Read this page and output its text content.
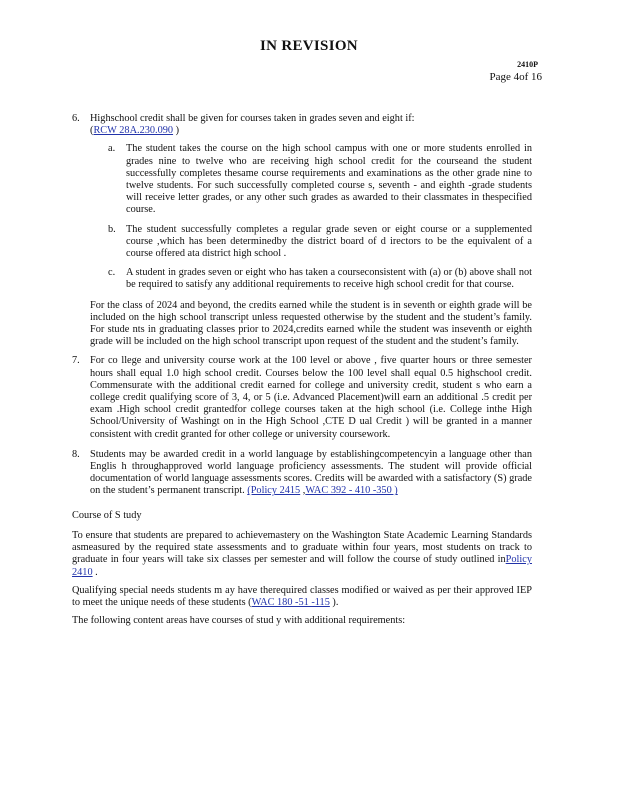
IN REVISION
2410P
Page 4of 16
6. Highschool credit shall be given for courses taken in grades seven and eight if:
(RCW 28A.230.090 )
a. The student takes the course on the high school campus with one or more students enrolled in grades nine to twelve who are receiving high school credit for the courseand the student successfully completes thesame course requirements and examinations as the other grade nine to twelve students. For such successfully completed course s, seventh - and eighth -grade students will receive letter grades, or any other such grades as awarded to their classmates in thespecified course.
b. The student successfully completes a regular grade seven or eight course or a supplemented course ,which has been determinedby the district board of d irectors to be the equivalent of a course offered ata district high school .
c. A student in grades seven or eight who has taken a courseconsistent with (a) or (b) above shall not be required to satisfy any additional requirements to receive high school credit for that course.
For the class of 2024 and beyond, the credits earned while the student is in seventh or eighth grade will be included on the high school transcript unless requested otherwise by the student and the student’s family. For stude nts in graduating classes prior to 2024,credits earned while the student was inseventh or eighth grade will be included on the high school transcript upon request of the student and the student’s family.
7. For co llege and university course work at the 100 level or above , five quarter hours or three semester hours shall equal 1.0 high school credit. Courses below the 100 level shall equal 0.5 highschool credit. Commensurate with the additional credit earned for college and university credit, student s who earn a college credit qualifying score of 3, 4, or 5 (i.e. Advanced Placement)will earn an additional .5 credit per exam .High school credit grantedfor college courses taken at the high school (i.e. College inthe High School/University of Washingt on in the High School ,CTE D ual Credit ) will be granted in a manner consistent with credit granted for other college or university coursework.
8. Students may be awarded credit in a world language by establishingcompetencyin a language other than Englis h throughapproved world language proficiency assessments. The student will provide official documentation of world language assessments scores. Credits will be awarded with a satisfactory (S) grade on the student’s permanent transcript. (Policy 2415 ,WAC 392 - 410 -350 )
Course of S tudy
To ensure that students are prepared to achievemastery on the Washington State Academic Learning Standards asmeasured by the required state assessments and to graduate within four years, most students on track to graduate in four years will take six classes per semester and will follow the course of study outlined inPolicy 2410 .
Qualifying special needs students m ay have therequired classes modified or waived as per their approved IEP to meet the unique needs of these students (WAC 180 -51 -115 ).
The following content areas have courses of stud y with additional requirements:
